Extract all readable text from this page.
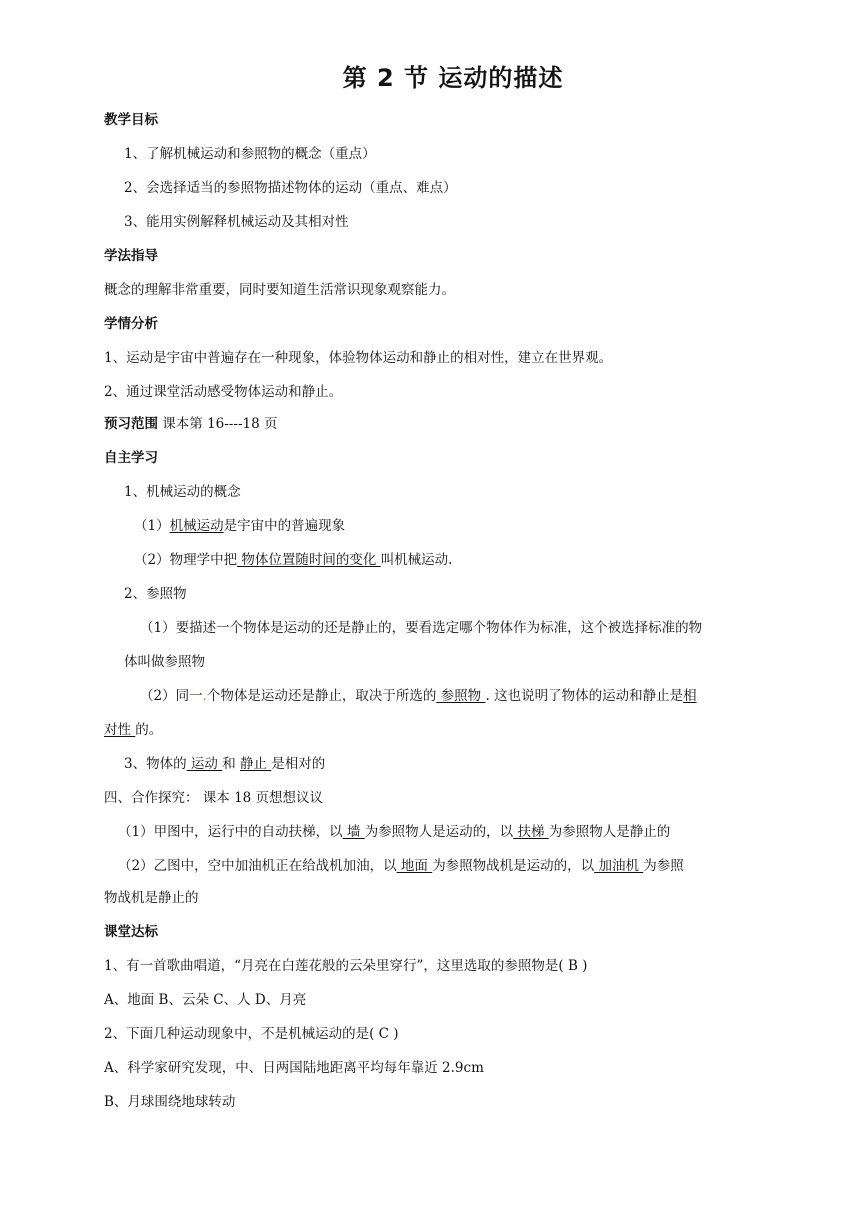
第 2 节 运动的描述
教学目标
1、了解机械运动和参照物的概念（重点）
2、会选择适当的参照物描述物体的运动（重点、难点）
3、能用实例解释机械运动及其相对性
学法指导
概念的理解非常重要，同时要知道生活常识现象观察能力。
学情分析
1、运动是宇宙中普遍存在一种现象，体验物体运动和静止的相对性，建立在世界观。
2、通过课堂活动感受物体运动和静止。
预习范围 课本第 16----18 页
自主学习
1、机械运动的概念
（1）机械运动是宇宙中的普遍现象
（2）物理学中把 物体位置随时间的变化 叫机械运动.
2、参照物
（1）要描述一个物体是运动的还是静止的，要看选定哪个物体作为标准，这个被选择标准的物
体叫做参照物
（2）同一.个物体是运动还是静止，取决于所选的 参照物 . 这也说明了物体的运动和静止是相
对性 的。
3、物体的 运动 和 静止 是相对的
四、合作探究： 课本 18 页想想议议
（1）甲图中，运行中的自动扶梯，以 墙 为参照物人是运动的，以 扶梯 为参照物人是静止的
（2）乙图中，空中加油机正在给战机加油，以 地面 为参照物战机是运动的，以 加油机 为参照
物战机是静止的
课堂达标
1、有一首歌曲唱道，“月亮在白莲花般的云朵里穿行”，这里选取的参照物是( B )
A、地面 B、云朵 C、人 D、月亮
2、下面几种运动现象中，不是机械运动的是( C )
A、科学家研究发现，中、日两国陆地距离平均每年靠近 2.9cm
B、月球围绕地球转动
